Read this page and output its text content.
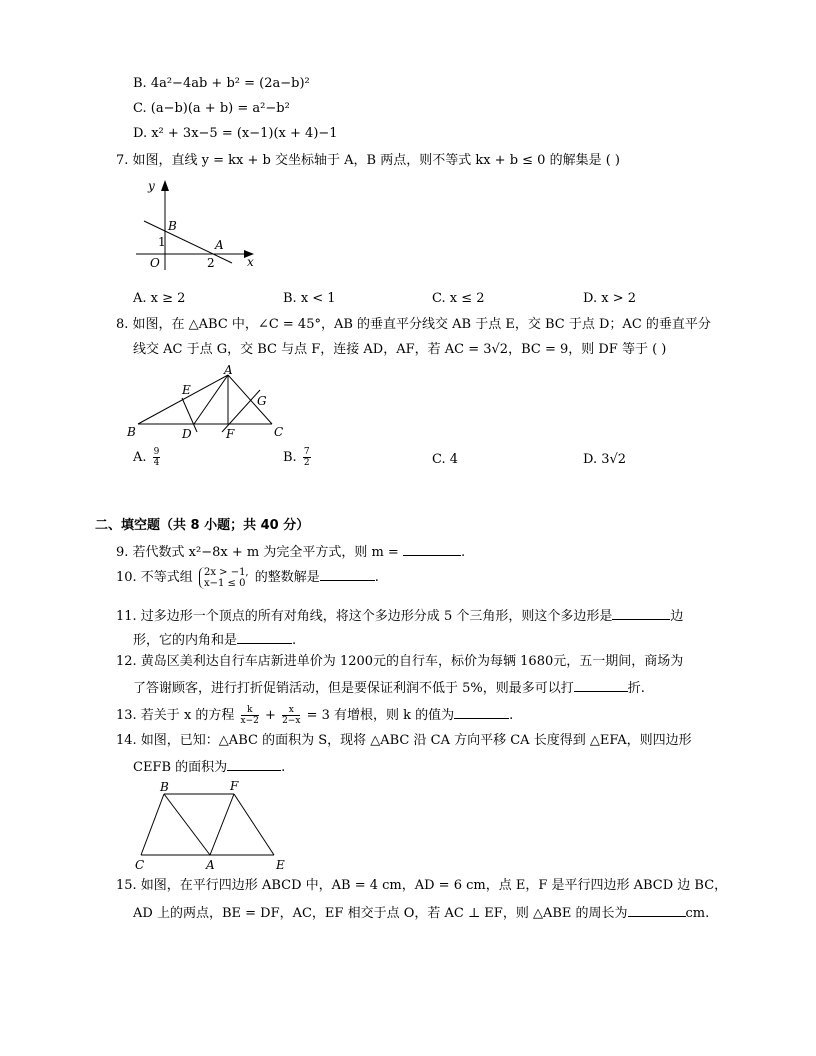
B. 4a²−4ab + b² = (2a−b)²
C. (a−b)(a + b) = a²−b²
D. x² + 3x−5 = (x−1)(x + 4)−1
7. 如图，直线 y = kx + b 交坐标轴于 A，B 两点，则不等式 kx + b ≤ 0 的解集是 ( )
y
B
1	A
O	2	x
A. x ≥ 2	B. x < 1	C. x ≤ 2	D. x > 2
8. 如图，在 △ABC 中，∠C = 45°，AB 的垂直平分线交 AB 于点 E，交 BC 于点 D；AC 的垂直平分
线交 AC 于点 G，交 BC 与点 F，连接 AD，AF，若 AC = 3√2，BC = 9，则 DF 等于 ( )
A
E
G
B	D	F	C
A. $\frac{9}{4}$	B. $\frac{7}{2}$	C. 4	D. 3√2
二、填空题（共 8 小题；共 40 分）
9. 若代数式 x²−8x + m 为完全平方式，则 m =	.
10. 不等式组 2x > −1,
x−1 ≤ 0 的整数解是	.
11. 过多边形一个顶点的所有对角线，将这个多边形分成 5 个三角形，则这个多边形是	边
形，它的内角和是	.
12. 黄岛区美利达自行车店新进单价为 1200元的自行车，标价为每辆 1680元，五一期间，商场为
了答谢顾客，进行打折促销活动，但是要保证利润不低于 5%，则最多可以打	折.
13. 若关于 x 的方程 $\frac{k}{x-2} + \frac{x}{2-x} = 3$ 有增根，则 k 的值为	.
14. 如图，已知：△ABC 的面积为 S，现将 △ABC 沿 CA 方向平移 CA 长度得到 △EFA，则四边形
CEFB 的面积为	.
B	F
C	A	E
15. 如图，在平行四边形 ABCD 中，AB = 4 cm，AD = 6 cm，点 E，F 是平行四边形 ABCD 边 BC，
AD 上的两点，BE = DF，AC，EF 相交于点 O，若 AC ⊥ EF，则 △ABE 的周长为	cm.
